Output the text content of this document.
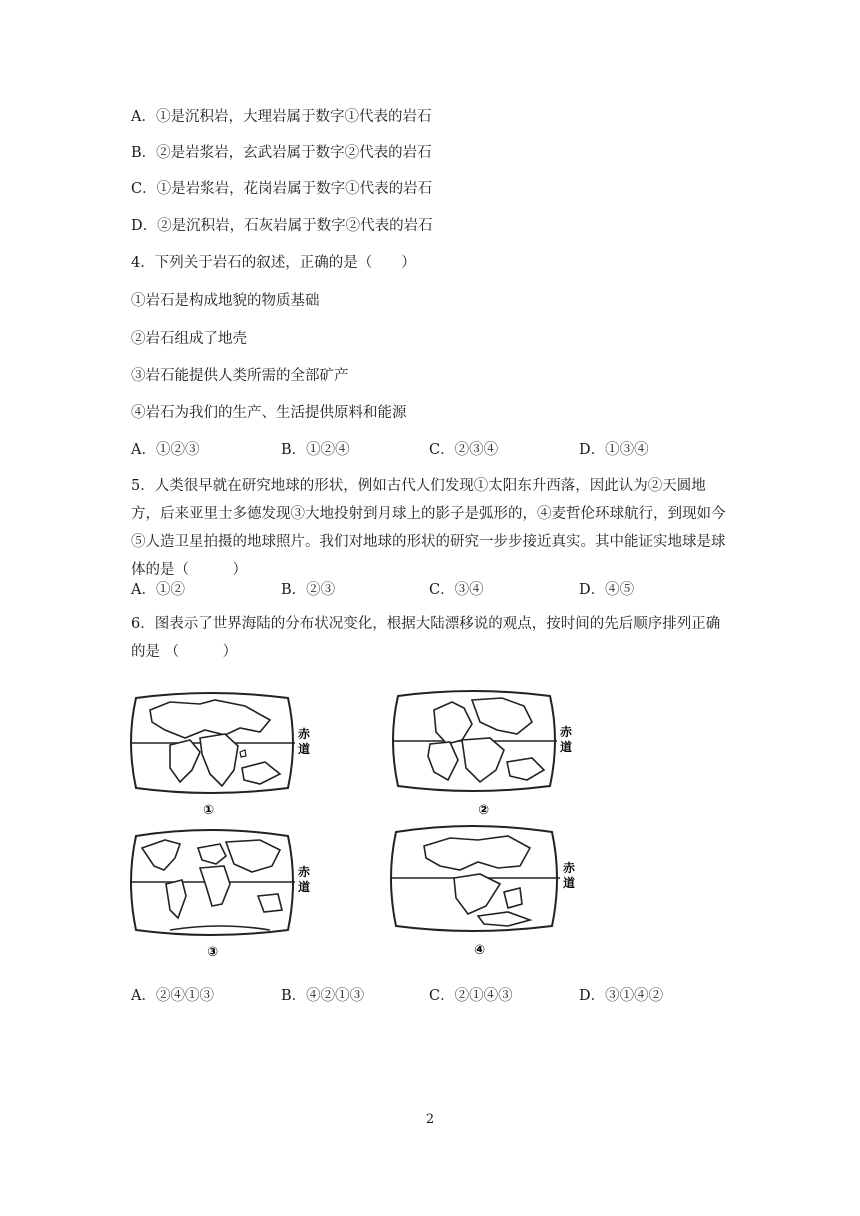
A．①是沉积岩，大理岩属于数字①代表的岩石
B．②是岩浆岩，玄武岩属于数字②代表的岩石
C．①是岩浆岩，花岗岩属于数字①代表的岩石
D．②是沉积岩，石灰岩属于数字②代表的岩石
4．下列关于岩石的叙述，正确的是（　　）
①岩石是构成地貌的物质基础
②岩石组成了地壳
③岩石能提供人类所需的全部矿产
④岩石为我们的生产、生活提供原料和能源
A．①②③	B．①②④	C．②③④	D．①③④
5．人类很早就在研究地球的形状，例如古代人们发现①太阳东升西落，因此认为②天圆地方，后来亚里士多德发现③大地投射到月球上的影子是弧形的，④麦哲伦环球航行，到现如今⑤人造卫星拍摄的地球照片。我们对地球的形状的研究一步步接近真实。其中能证实地球是球体的是（　　　）
A．①②	B．②③	C．③④	D．④⑤
6．图表示了世界海陆的分布状况变化，根据大陆漂移说的观点，按时间的先后顺序排列正确的是 （　　　）
赤
道
①
赤
道
②
赤
道
③
赤
道
④
A．②④①③	B．④②①③	C．②①④③	D．③①④②
2
